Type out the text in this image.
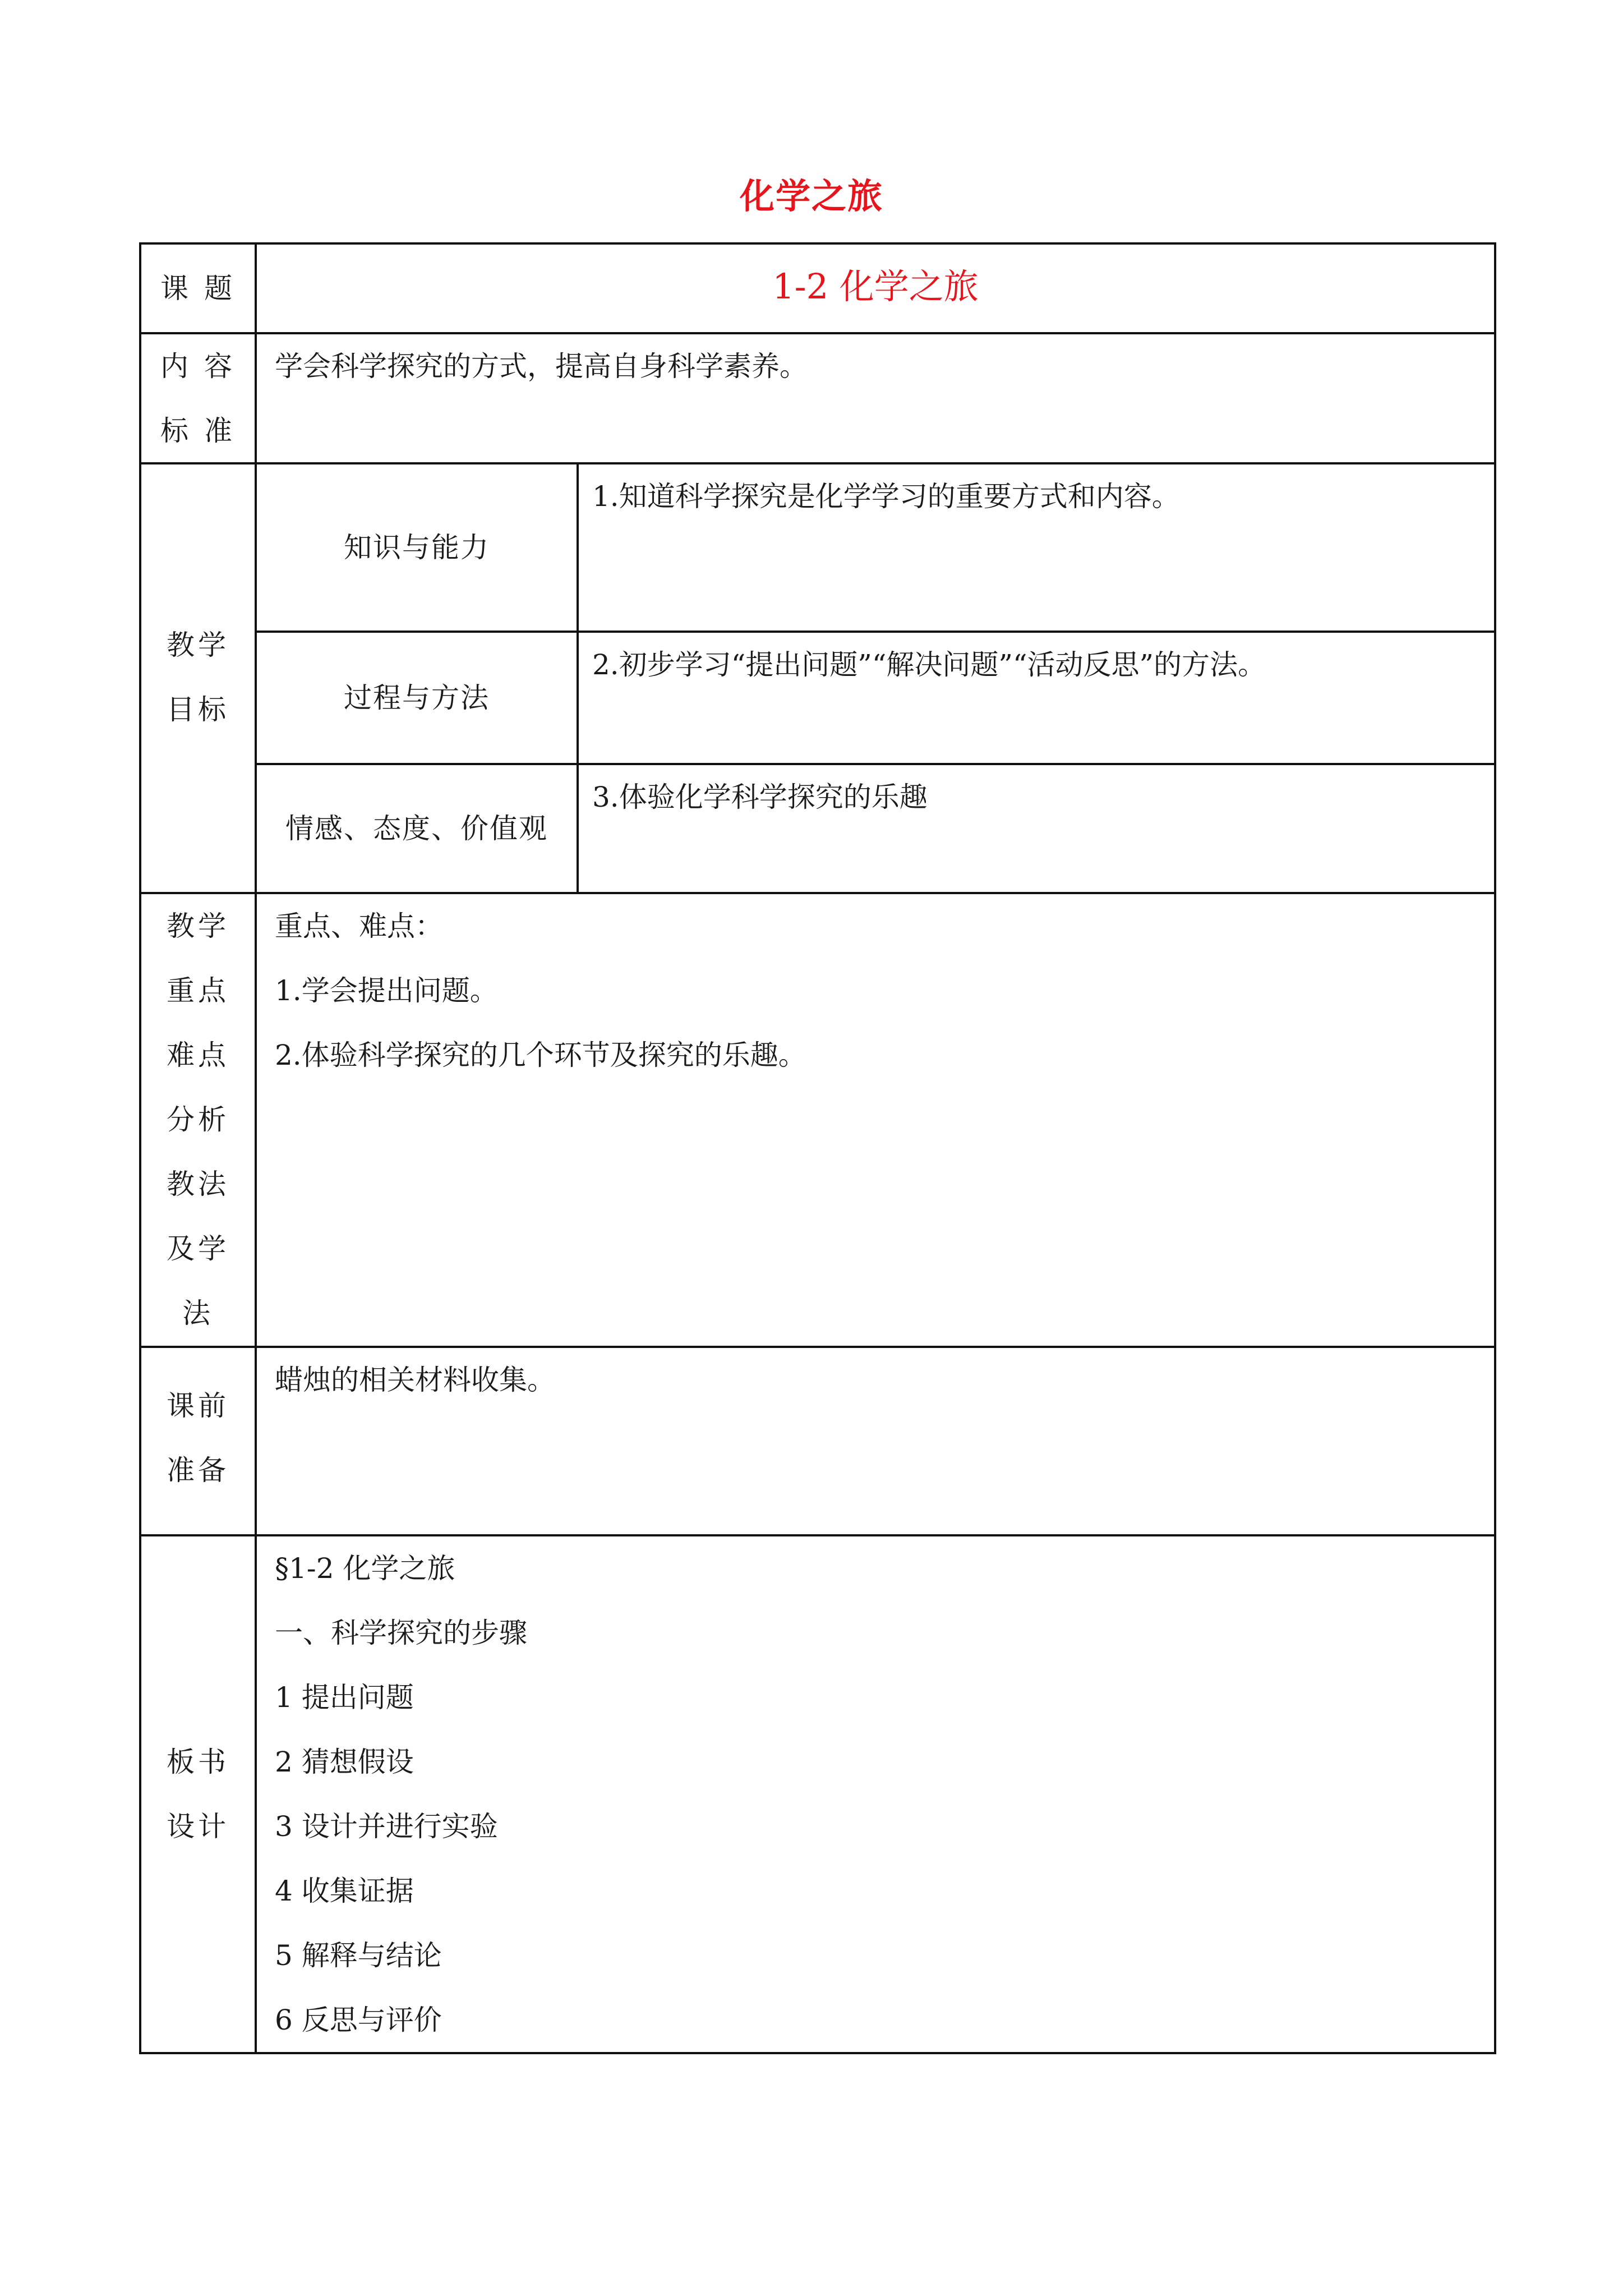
化学之旅
课 题	1-2 化学之旅
内 容
标 准
学会科学探究的方式，提高自身科学素养。
教学
目标
知识与能力
1.知道科学探究是化学学习的重要方式和内容。
过程与方法
2.初步学习“提出问题”“解决问题”“活动反思”的方法。
情感、态度、价值观
3.体验化学科学探究的乐趣
教学
重点
难点
分析
教法
及学
法
重点、难点：
1.学会提出问题。
2.体验科学探究的几个环节及探究的乐趣。
课前
准备
蜡烛的相关材料收集。
板书
设计
§1-2 化学之旅
一、科学探究的步骤
1 提出问题
2 猜想假设
3 设计并进行实验
4 收集证据
5 解释与结论
6 反思与评价
